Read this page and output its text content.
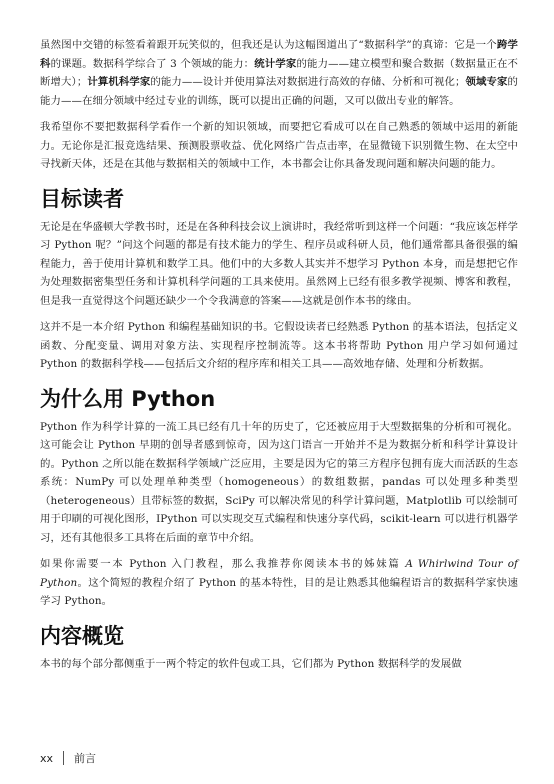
虽然图中交错的标签看着跟开玩笑似的，但我还是认为这幅图道出了“数据科学”的真谛：它是一个跨学科的课题。数据科学综合了 3 个领域的能力：统计学家的能力——建立模型和聚合数据（数据量正在不断增大）；计算机科学家的能力——设计并使用算法对数据进行高效的存储、分析和可视化；领域专家的能力——在细分领域中经过专业的训练，既可以提出正确的问题，又可以做出专业的解答。

我希望你不要把数据科学看作一个新的知识领域，而要把它看成可以在自己熟悉的领域中运用的新能力。无论你是汇报竞选结果、预测股票收益、优化网络广告点击率，在显微镜下识别微生物、在太空中寻找新天体，还是在其他与数据相关的领域中工作，本书都会让你具备发现问题和解决问题的能力。

目标读者

无论是在华盛顿大学教书时，还是在各种科技会议上演讲时，我经常听到这样一个问题：“我应该怎样学习 Python 呢？”问这个问题的都是有技术能力的学生、程序员或科研人员，他们通常都具备很强的编程能力，善于使用计算机和数学工具。他们中的大多数人其实并不想学习 Python 本身，而是想把它作为处理数据密集型任务和计算机科学问题的工具来使用。虽然网上已经有很多教学视频、博客和教程，但是我一直觉得这个问题还缺少一个令我满意的答案——这就是创作本书的缘由。

这并不是一本介绍 Python 和编程基础知识的书。它假设读者已经熟悉 Python 的基本语法，包括定义函数、分配变量、调用对象方法、实现程序控制流等。这本书将帮助 Python 用户学习如何通过 Python 的数据科学栈——包括后文介绍的程序库和相关工具——高效地存储、处理和分析数据。

为什么用 Python

Python 作为科学计算的一流工具已经有几十年的历史了，它还被应用于大型数据集的分析和可视化。这可能会让 Python 早期的创导者感到惊奇，因为这门语言一开始并不是为数据分析和科学计算设计的。Python 之所以能在数据科学领域广泛应用，主要是因为它的第三方程序包拥有庞大而活跃的生态系统：NumPy 可以处理单种类型（homogeneous）的数组数据，pandas 可以处理多种类型（heterogeneous）且带标签的数据，SciPy 可以解决常见的科学计算问题，Matplotlib 可以绘制可用于印刷的可视化图形，IPython 可以实现交互式编程和快速分享代码，scikit-learn 可以进行机器学习，还有其他很多工具将在后面的章节中介绍。

如果你需要一本 Python 入门教程，那么我推荐你阅读本书的姊妹篇 A Whirlwind Tour of Python。这个简短的教程介绍了 Python 的基本特性，目的是让熟悉其他编程语言的数据科学家快速学习 Python。

内容概览

本书的每个部分都侧重于一两个特定的软件包或工具，它们都为 Python 数据科学的发展做

xx 前言
